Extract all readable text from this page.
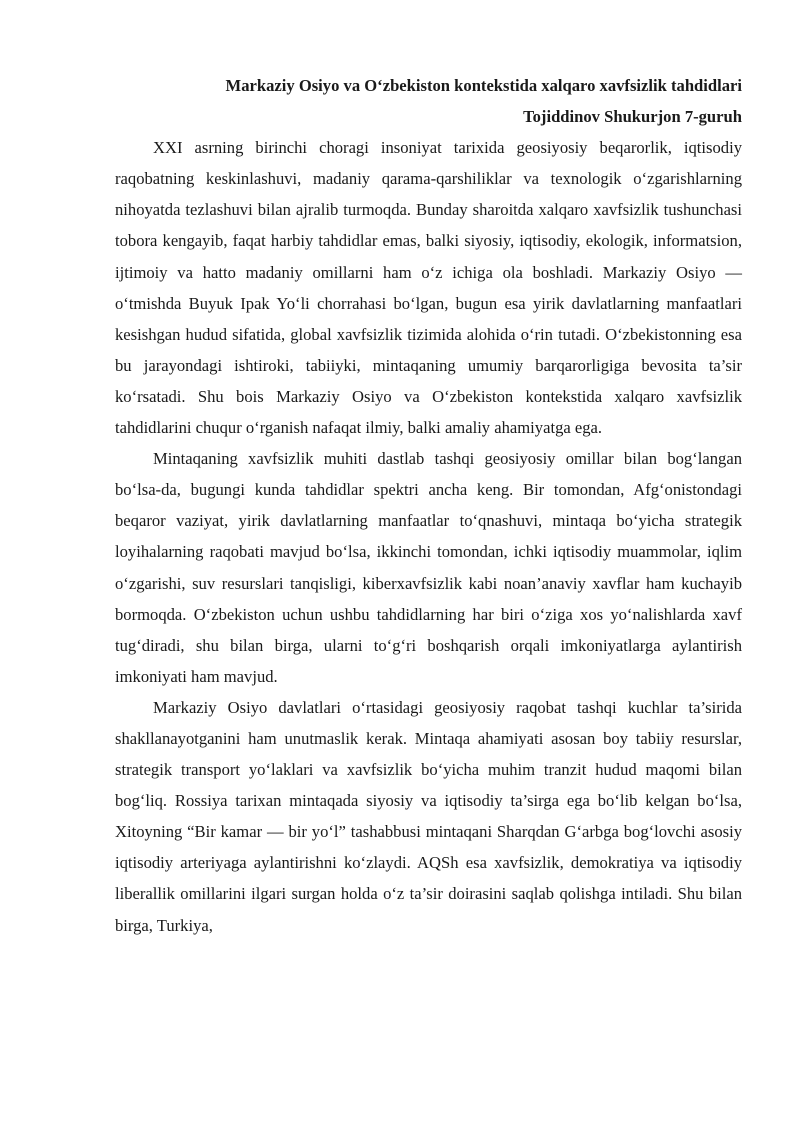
Markaziy Osiyo va O‘zbekiston kontekstida xalqaro xavfsizlik tahdidlari

Tojiddinov Shukurjon 7-guruh

XXI asrning birinchi choragi insoniyat tarixida geosiyosiy beqarorlik, iqtisodiy raqobatning keskinlashuvi, madaniy qarama-qarshiliklar va texnologik o‘zgarishlarning nihoyatda tezlashuvi bilan ajralib turmoqda. Bunday sharoitda xalqaro xavfsizlik tushunchasi tobora kengayib, faqat harbiy tahdidlar emas, balki siyosiy, iqtisodiy, ekologik, informatsion, ijtimoiy va hatto madaniy omillarni ham o‘z ichiga ola boshladi. Markaziy Osiyo — o‘tmishda Buyuk Ipak Yo‘li chorrahasi bo‘lgan, bugun esa yirik davlatlarning manfaatlari kesishgan hudud sifatida, global xavfsizlik tizimida alohida o‘rin tutadi. O‘zbekistonning esa bu jarayondagi ishtiroki, tabiiyki, mintaqaning umumiy barqarorligiga bevosita ta’sir ko‘rsatadi. Shu bois Markaziy Osiyo va O‘zbekiston kontekstida xalqaro xavfsizlik tahdidlarini chuqur o‘rganish nafaqat ilmiy, balki amaliy ahamiyatga ega.

Mintaqaning xavfsizlik muhiti dastlab tashqi geosiyosiy omillar bilan bog‘langan bo‘lsa-da, bugungi kunda tahdidlar spektri ancha keng. Bir tomondan, Afg‘onistondagi beqaror vaziyat, yirik davlatlarning manfaatlar to‘qnashuvi, mintaqa bo‘yicha strategik loyihalarning raqobati mavjud bo‘lsa, ikkinchi tomondan, ichki iqtisodiy muammolar, iqlim o‘zgarishi, suv resurslari tanqisligi, kiberxavfsizlik kabi noan’anaviy xavflar ham kuchayib bormoqda. O‘zbekiston uchun ushbu tahdidlarning har biri o‘ziga xos yo‘nalishlarda xavf tug‘diradi, shu bilan birga, ularni to‘g‘ri boshqarish orqali imkoniyatlarga aylantirish imkoniyati ham mavjud.

Markaziy Osiyo davlatlari o‘rtasidagi geosiyosiy raqobat tashqi kuchlar ta’sirida shakllanayotganini ham unutmaslik kerak. Mintaqa ahamiyati asosan boy tabiiy resurslar, strategik transport yo‘laklari va xavfsizlik bo‘yicha muhim tranzit hudud maqomi bilan bog‘liq. Rossiya tarixan mintaqada siyosiy va iqtisodiy ta’sirga ega bo‘lib kelgan bo‘lsa, Xitoyning “Bir kamar — bir yo‘l” tashabbusi mintaqani Sharqdan G‘arbga bog‘lovchi asosiy iqtisodiy arteriyaga aylantirishni ko‘zlaydi. AQSh esa xavfsizlik, demokratiya va iqtisodiy liberallik omillarini ilgari surgan holda o‘z ta’sir doirasini saqlab qolishga intiladi. Shu bilan birga, Turkiya,
